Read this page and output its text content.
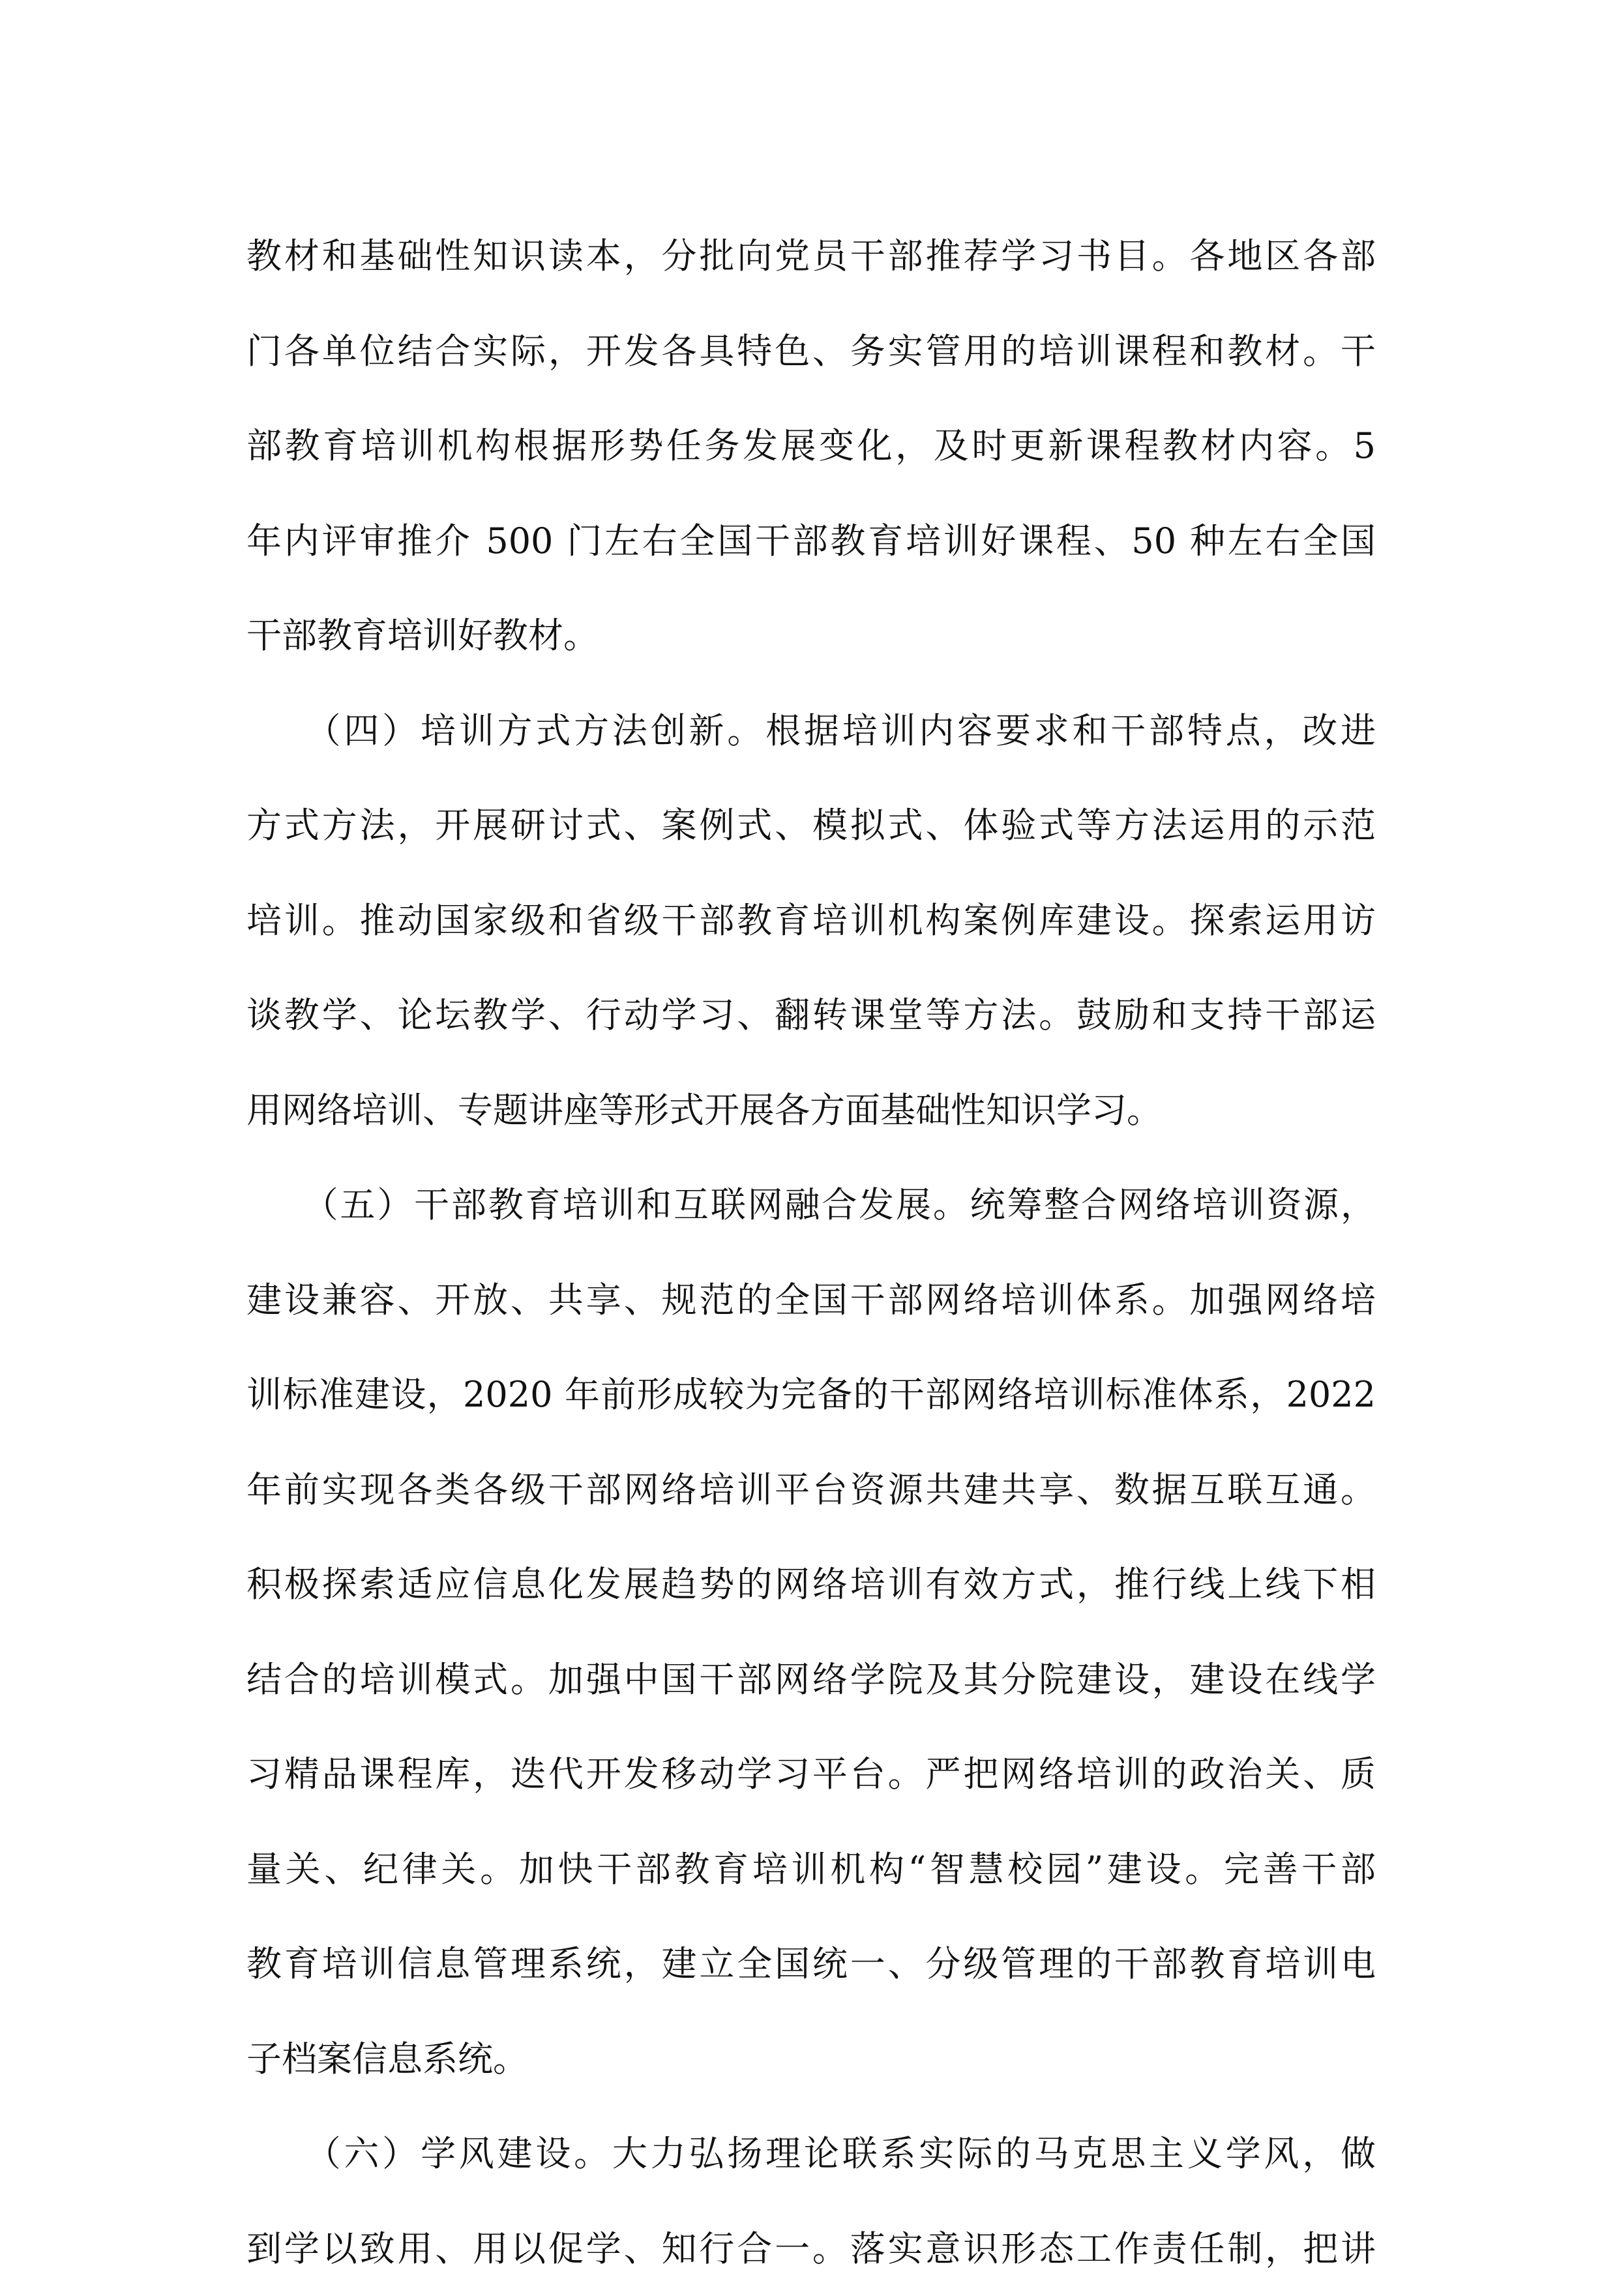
教材和基础性知识读本，分批向党员干部推荐学习书目。各地区各部
门各单位结合实际，开发各具特色、务实管用的培训课程和教材。干
部教育培训机构根据形势任务发展变化，及时更新课程教材内容。5
年内评审推介 500 门左右全国干部教育培训好课程、50 种左右全国
干部教育培训好教材。
　　（四）培训方式方法创新。根据培训内容要求和干部特点，改进
方式方法，开展研讨式、案例式、模拟式、体验式等方法运用的示范
培训。推动国家级和省级干部教育培训机构案例库建设。探索运用访
谈教学、论坛教学、行动学习、翻转课堂等方法。鼓励和支持干部运
用网络培训、专题讲座等形式开展各方面基础性知识学习。
　　（五）干部教育培训和互联网融合发展。统筹整合网络培训资源，
建设兼容、开放、共享、规范的全国干部网络培训体系。加强网络培
训标准建设，2020 年前形成较为完备的干部网络培训标准体系，2022
年前实现各类各级干部网络培训平台资源共建共享、数据互联互通。
积极探索适应信息化发展趋势的网络培训有效方式，推行线上线下相
结合的培训模式。加强中国干部网络学院及其分院建设，建设在线学
习精品课程库，迭代开发移动学习平台。严把网络培训的政治关、质
量关、纪律关。加快干部教育培训机构“智慧校园”建设。完善干部
教育培训信息管理系统，建立全国统一、分级管理的干部教育培训电
子档案信息系统。
　　（六）学风建设。大力弘扬理论联系实际的马克思主义学风，做
到学以致用、用以促学、知行合一。落实意识形态工作责任制，把讲
